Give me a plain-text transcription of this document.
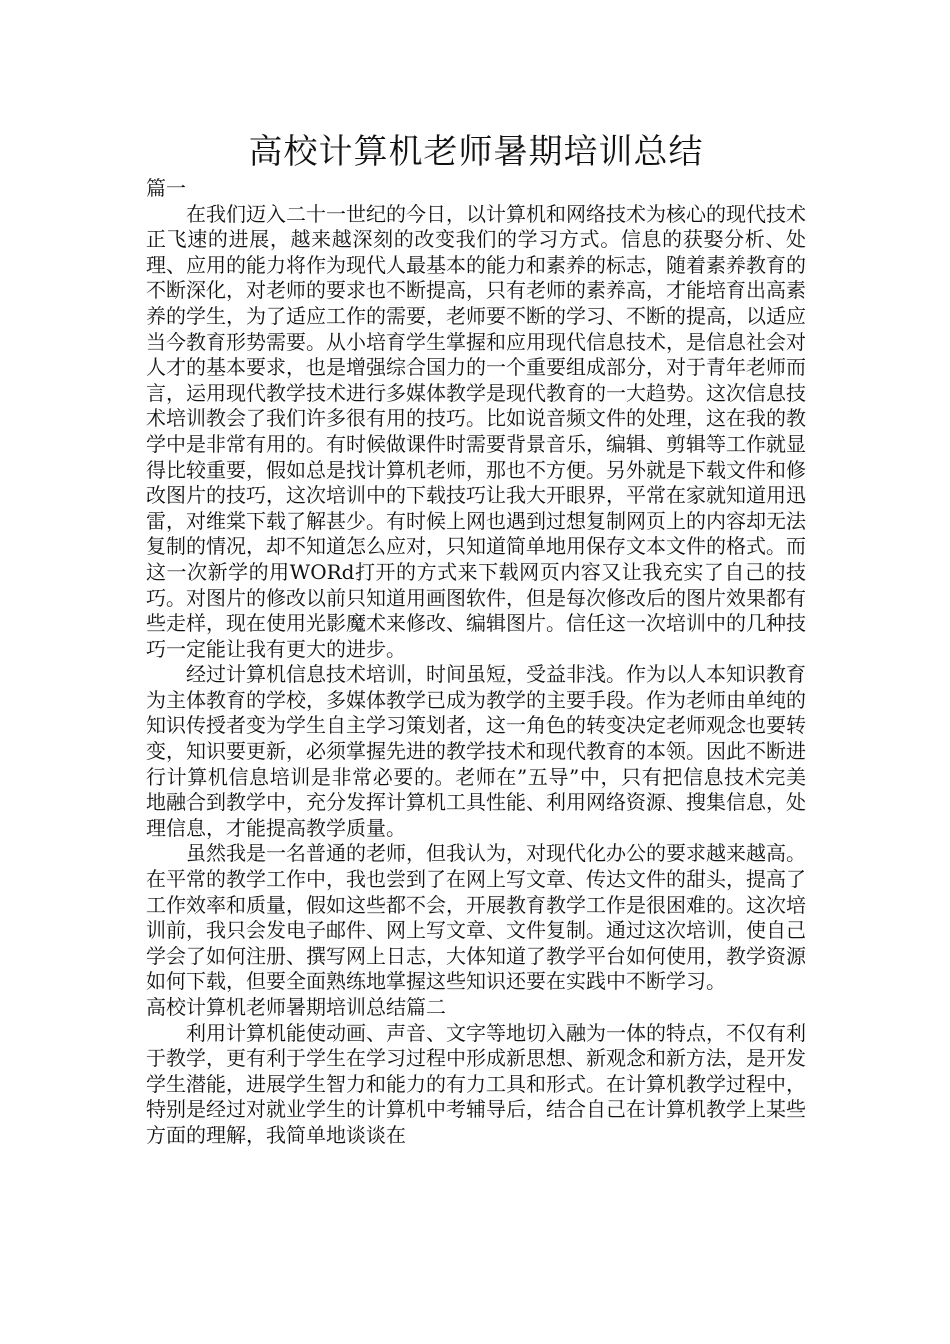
高校计算机老师暑期培训总结

篇一

在我们迈入二十一世纪的今日，以计算机和网络技术为核心的现代技术正飞速的进展，越来越深刻的改变我们的学习方式。信息的获娶分析、处理、应用的能力将作为现代人最基本的能力和素养的标志，随着素养教育的不断深化，对老师的要求也不断提高，只有老师的素养高，才能培育出高素养的学生，为了适应工作的需要，老师要不断的学习、不断的提高，以适应当今教育形势需要。从小培育学生掌握和应用现代信息技术，是信息社会对人才的基本要求，也是增强综合国力的一个重要组成部分，对于青年老师而言，运用现代教学技术进行多媒体教学是现代教育的一大趋势。这次信息技术培训教会了我们许多很有用的技巧。比如说音频文件的处理，这在我的教学中是非常有用的。有时候做课件时需要背景音乐，编辑、剪辑等工作就显得比较重要，假如总是找计算机老师，那也不方便。另外就是下载文件和修改图片的技巧，这次培训中的下载技巧让我大开眼界，平常在家就知道用迅雷，对维棠下载了解甚少。有时候上网也遇到过想复制网页上的内容却无法复制的情况，却不知道怎么应对，只知道简单地用保存文本文件的格式。而这一次新学的用WORd打开的方式来下载网页内容又让我充实了自己的技巧。对图片的修改以前只知道用画图软件，但是每次修改后的图片效果都有些走样，现在使用光影魔术来修改、编辑图片。信任这一次培训中的几种技巧一定能让我有更大的进步。

经过计算机信息技术培训，时间虽短，受益非浅。作为以人本知识教育为主体教育的学校，多媒体教学已成为教学的主要手段。作为老师由单纯的知识传授者变为学生自主学习策划者，这一角色的转变决定老师观念也要转变，知识要更新，必须掌握先进的教学技术和现代教育的本领。因此不断进行计算机信息培训是非常必要的。老师在”五导”中，只有把信息技术完美地融合到教学中，充分发挥计算机工具性能、利用网络资源、搜集信息，处理信息，才能提高教学质量。

虽然我是一名普通的老师，但我认为，对现代化办公的要求越来越高。在平常的教学工作中，我也尝到了在网上写文章、传达文件的甜头，提高了工作效率和质量，假如这些都不会，开展教育教学工作是很困难的。这次培训前，我只会发电子邮件、网上写文章、文件复制。通过这次培训，使自己学会了如何注册、撰写网上日志，大体知道了教学平台如何使用，教学资源如何下载，但要全面熟练地掌握这些知识还要在实践中不断学习。

高校计算机老师暑期培训总结篇二

利用计算机能使动画、声音、文字等地切入融为一体的特点，不仅有利于教学，更有利于学生在学习过程中形成新思想、新观念和新方法，是开发学生潜能，进展学生智力和能力的有力工具和形式。在计算机教学过程中，特别是经过对就业学生的计算机中考辅导后，结合自己在计算机教学上某些方面的理解，我简单地谈谈在
